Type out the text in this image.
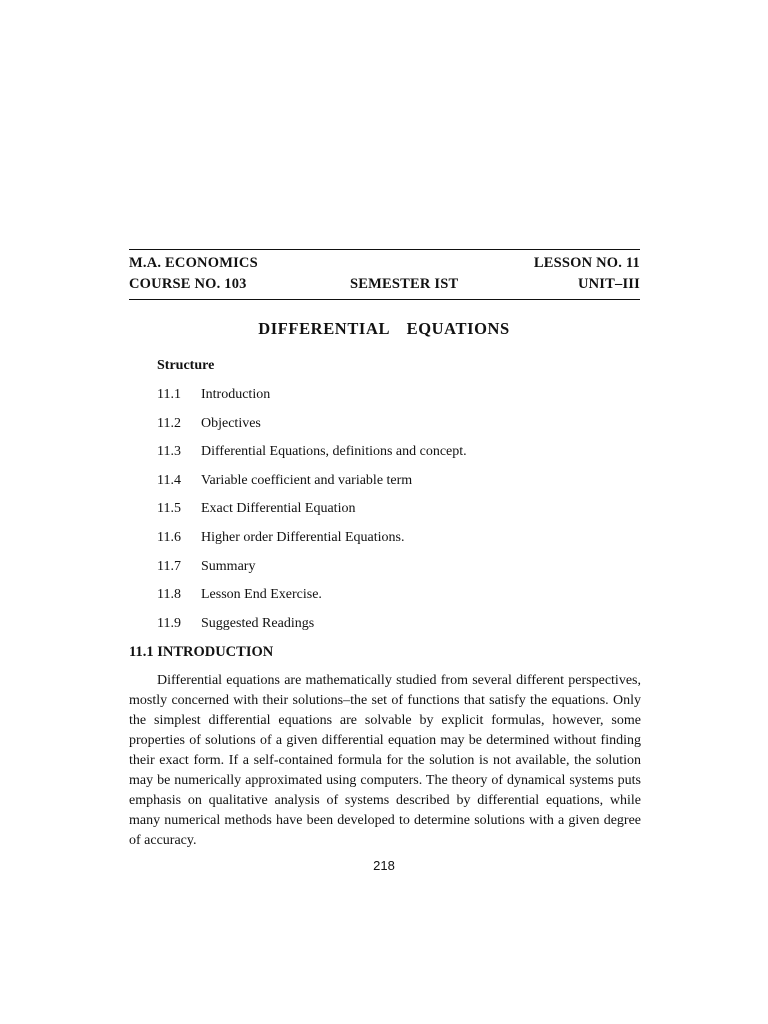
M.A. ECONOMICS	LESSON NO. 11
COURSE NO. 103	SEMESTER IST	UNIT–III
DIFFERENTIAL  EQUATIONS
Structure
11.1 Introduction
11.2 Objectives
11.3 Differential Equations, definitions and concept.
11.4 Variable coefficient and variable term
11.5 Exact Differential Equation
11.6 Higher order Differential Equations.
11.7 Summary
11.8 Lesson End Exercise.
11.9 Suggested Readings
11.1 INTRODUCTION

Differential equations are mathematically studied from several different perspectives, mostly concerned with their solutions–the set of functions that satisfy the equations. Only the simplest differential equations are solvable by explicit formulas, however, some properties of solutions of a given differential equation may be determined without finding their exact form. If a self-contained formula for the solution is not available, the solution may be numerically approximated using computers. The theory of dynamical systems puts emphasis on qualitative analysis of systems described by differential equations, while many numerical methods have been developed to determine solutions with a given degree of accuracy.

218
